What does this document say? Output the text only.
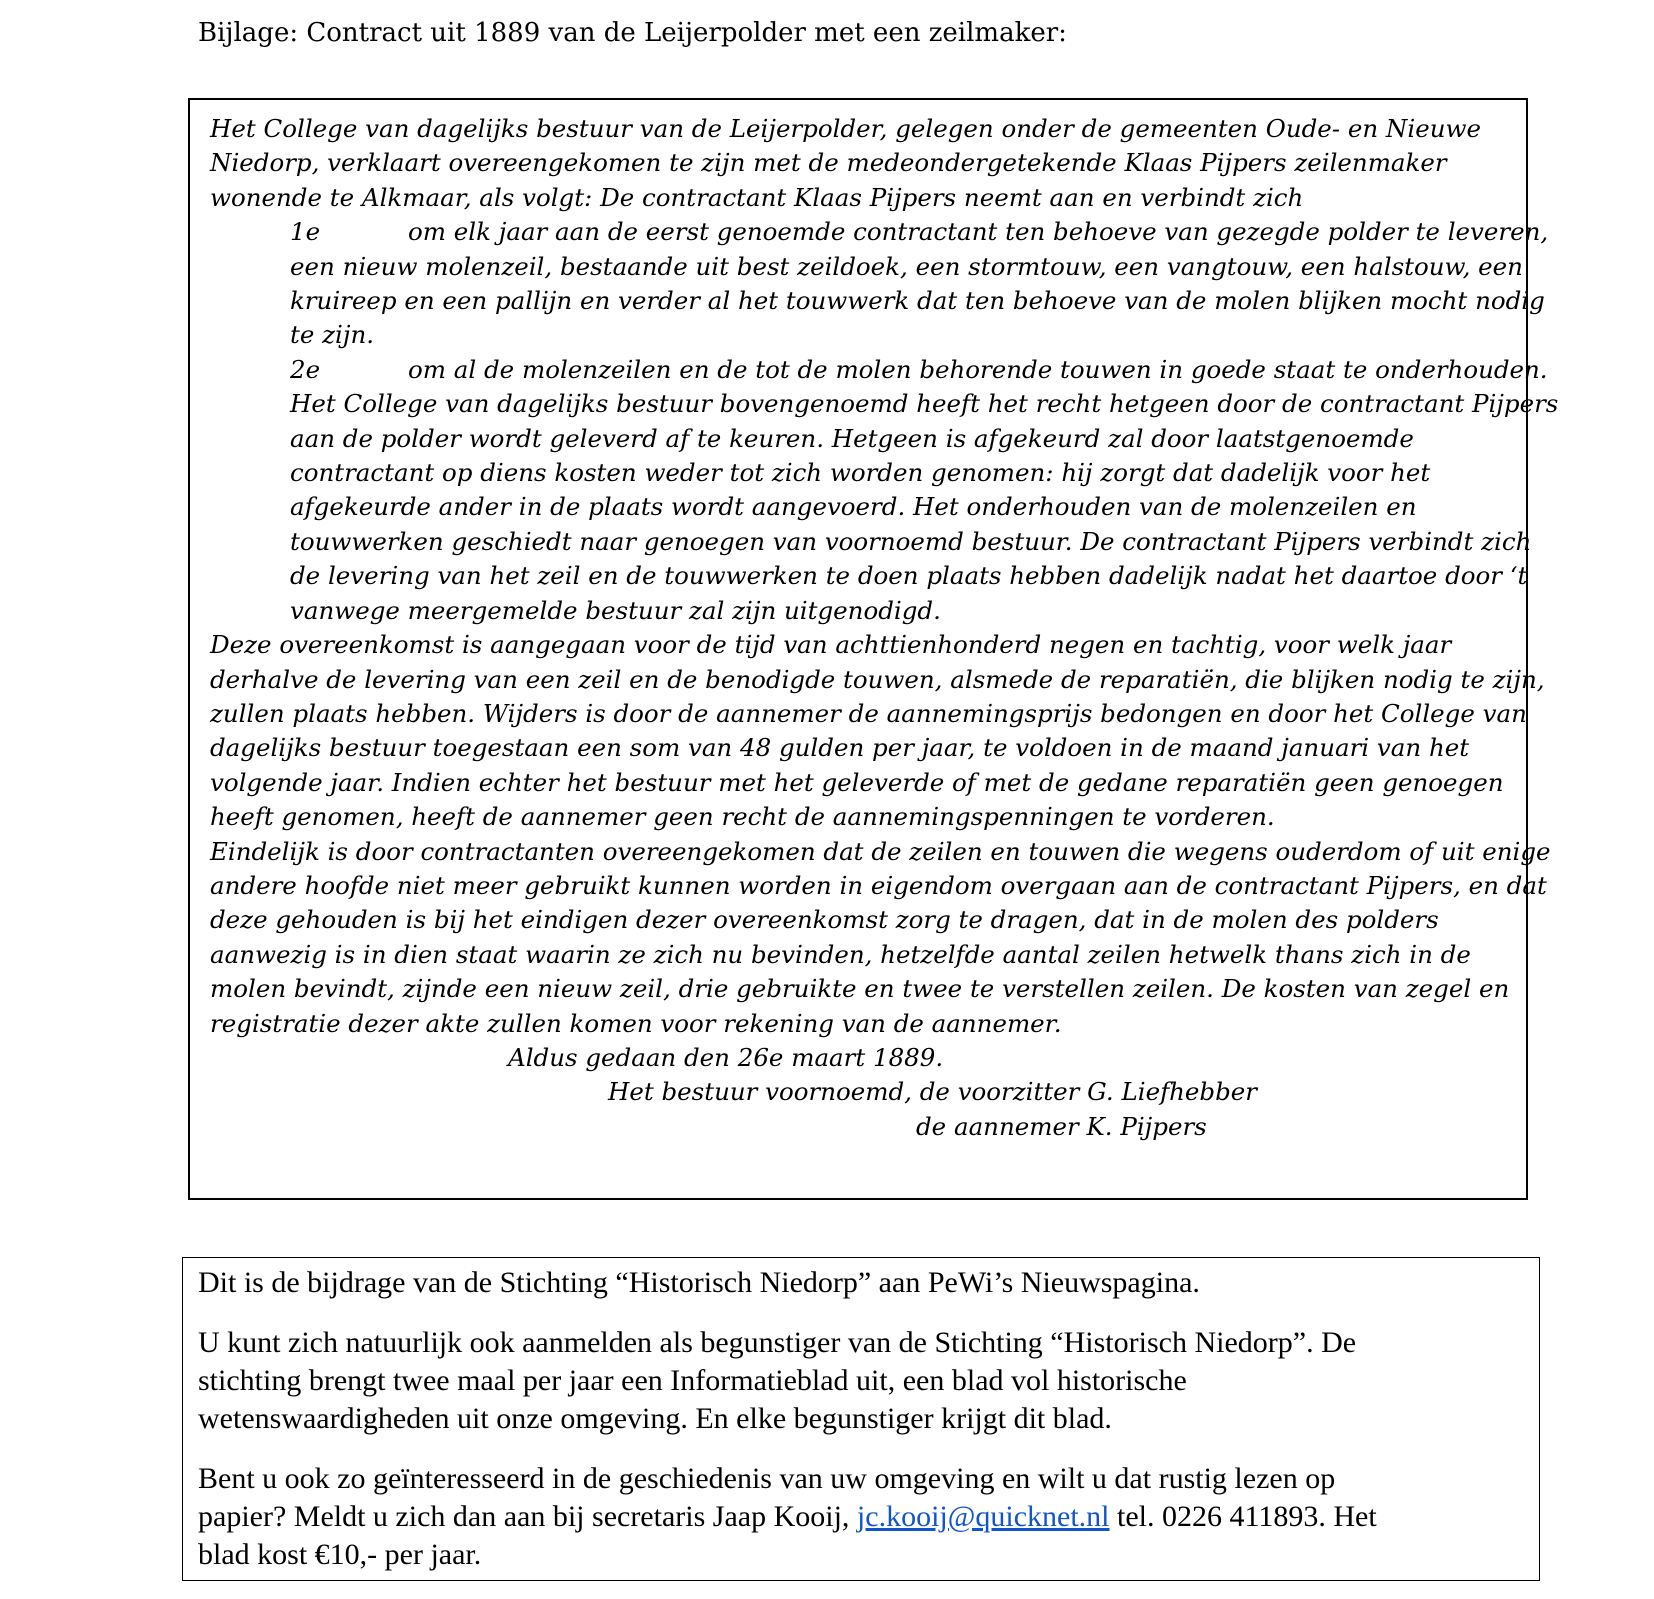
Bijlage: Contract uit 1889 van de Leijerpolder met een zeilmaker:
Het College van dagelijks bestuur van de Leijerpolder, gelegen onder de gemeenten Oude- en Nieuwe
Niedorp, verklaart overeengekomen te zijn met de medeondergetekende Klaas Pijpers zeilenmaker
wonende te Alkmaar, als volgt: De contractant Klaas Pijpers neemt aan en verbindt zich
1e	om elk jaar aan de eerst genoemde contractant ten behoeve van gezegde polder te leveren,
een nieuw molenzeil, bestaande uit best zeildoek, een stormtouw, een vangtouw, een halstouw, een
kruireep en een pallijn en verder al het touwwerk dat ten behoeve van de molen blijken mocht nodig
te zijn.
2e	om al de molenzeilen en de tot de molen behorende touwen in goede staat te onderhouden.
Het College van dagelijks bestuur bovengenoemd heeft het recht hetgeen door de contractant Pijpers
aan de polder wordt geleverd af te keuren. Hetgeen is afgekeurd zal door laatstgenoemde
contractant op diens kosten weder tot zich worden genomen: hij zorgt dat dadelijk voor het
afgekeurde ander in de plaats wordt aangevoerd. Het onderhouden van de molenzeilen en
touwwerken geschiedt naar genoegen van voornoemd bestuur. De contractant Pijpers verbindt zich
de levering van het zeil en de touwwerken te doen plaats hebben dadelijk nadat het daartoe door ‘t
vanwege meergemelde bestuur zal zijn uitgenodigd.
Deze overeenkomst is aangegaan voor de tijd van achttienhonderd negen en tachtig, voor welk jaar
derhalve de levering van een zeil en de benodigde touwen, alsmede de reparatiën, die blijken nodig te zijn,
zullen plaats hebben. Wijders is door de aannemer de aannemingsprijs bedongen en door het College van
dagelijks bestuur toegestaan een som van 48 gulden per jaar, te voldoen in de maand januari van het
volgende jaar. Indien echter het bestuur met het geleverde of met de gedane reparatiën geen genoegen
heeft genomen, heeft de aannemer geen recht de aannemingspenningen te vorderen.
Eindelijk is door contractanten overeengekomen dat de zeilen en touwen die wegens ouderdom of uit enige
andere hoofde niet meer gebruikt kunnen worden in eigendom overgaan aan de contractant Pijpers, en dat
deze gehouden is bij het eindigen dezer overeenkomst zorg te dragen, dat in de molen des polders
aanwezig is in dien staat waarin ze zich nu bevinden, hetzelfde aantal zeilen hetwelk thans zich in de
molen bevindt, zijnde een nieuw zeil, drie gebruikte en twee te verstellen zeilen. De kosten van zegel en
registratie dezer akte zullen komen voor rekening van de aannemer.
Aldus gedaan den 26e maart 1889.
Het bestuur voornoemd, de voorzitter G. Liefhebber
de aannemer K. Pijpers

Dit is de bijdrage van de Stichting “Historisch Niedorp” aan PeWi’s Nieuwspagina.

U kunt zich natuurlijk ook aanmelden als begunstiger van de Stichting “Historisch Niedorp”. De
stichting brengt twee maal per jaar een Informatieblad uit, een blad vol historische
wetenswaardigheden uit onze omgeving. En elke begunstiger krijgt dit blad.

Bent u ook zo geïnteresseerd in de geschiedenis van uw omgeving en wilt u dat rustig lezen op
papier? Meldt u zich dan aan bij secretaris Jaap Kooij, jc.kooij@quicknet.nl tel. 0226 411893. Het
blad kost €10,- per jaar.
